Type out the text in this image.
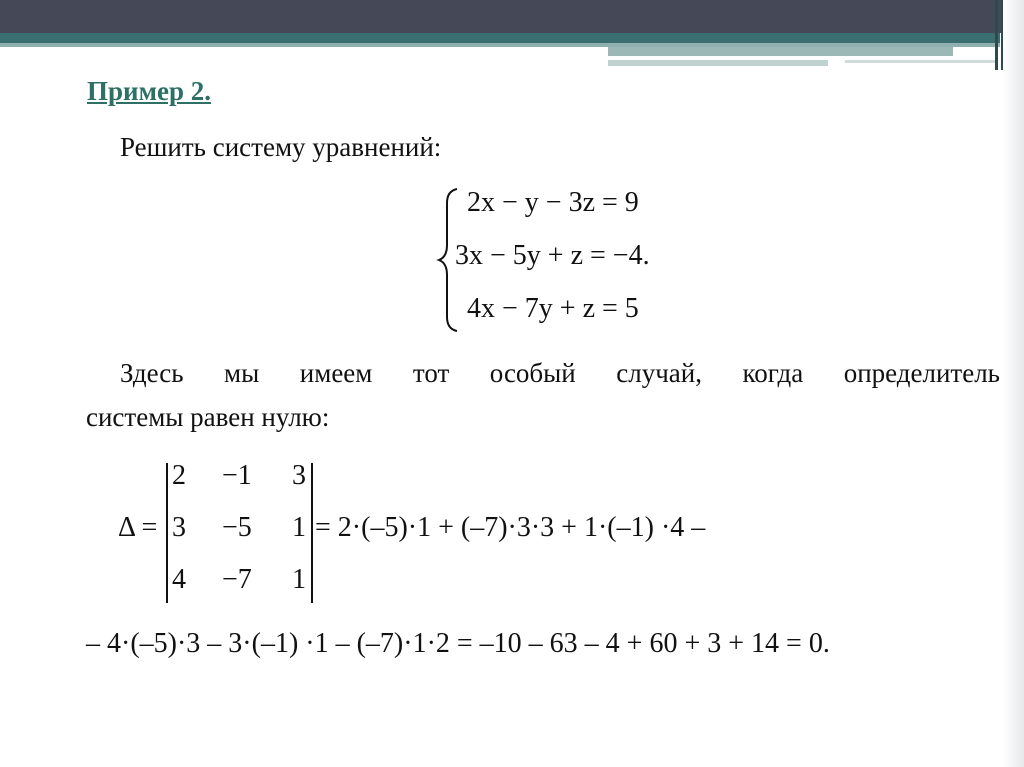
Пример 2.
Решить систему уравнений:
2x − y − 3z = 9
3x − 5y + z = −4.
4x − 7y + z = 5
Здесь мы имеем тот особый случай, когда определитель
системы равен нулю:
Δ =
2 −1 3
3 −5 1
4 −7 1
= 2·(–5)·1 + (–7)·3·3 + 1·(–1) ·4 –
– 4·(–5)·3 – 3·(–1) ·1 – (–7)·1·2 = –10 – 63 – 4 + 60 + 3 + 14 = 0.
